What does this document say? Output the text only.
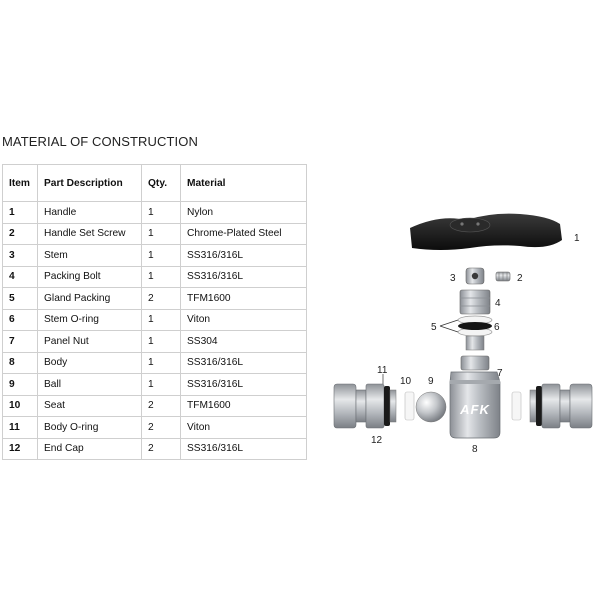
MATERIAL OF CONSTRUCTION
Item	Part Description	Qty.	Material
1	Handle	1	Nylon
2	Handle Set Screw	1	Chrome-Plated Steel
3	Stem	1	SS316/316L
4	Packing Bolt	1	SS316/316L
5	Gland Packing	2	TFM1600
6	Stem O-ring	1	Viton
7	Panel Nut	1	SS304
8	Body	1	SS316/316L
9	Ball	1	SS316/316L
10	Seat	2	TFM1600
11	Body O-ring	2	Viton
12	End Cap	2	SS316/316L
AFK
1
2
3
4
5	6
7
8
9
10
11
12
